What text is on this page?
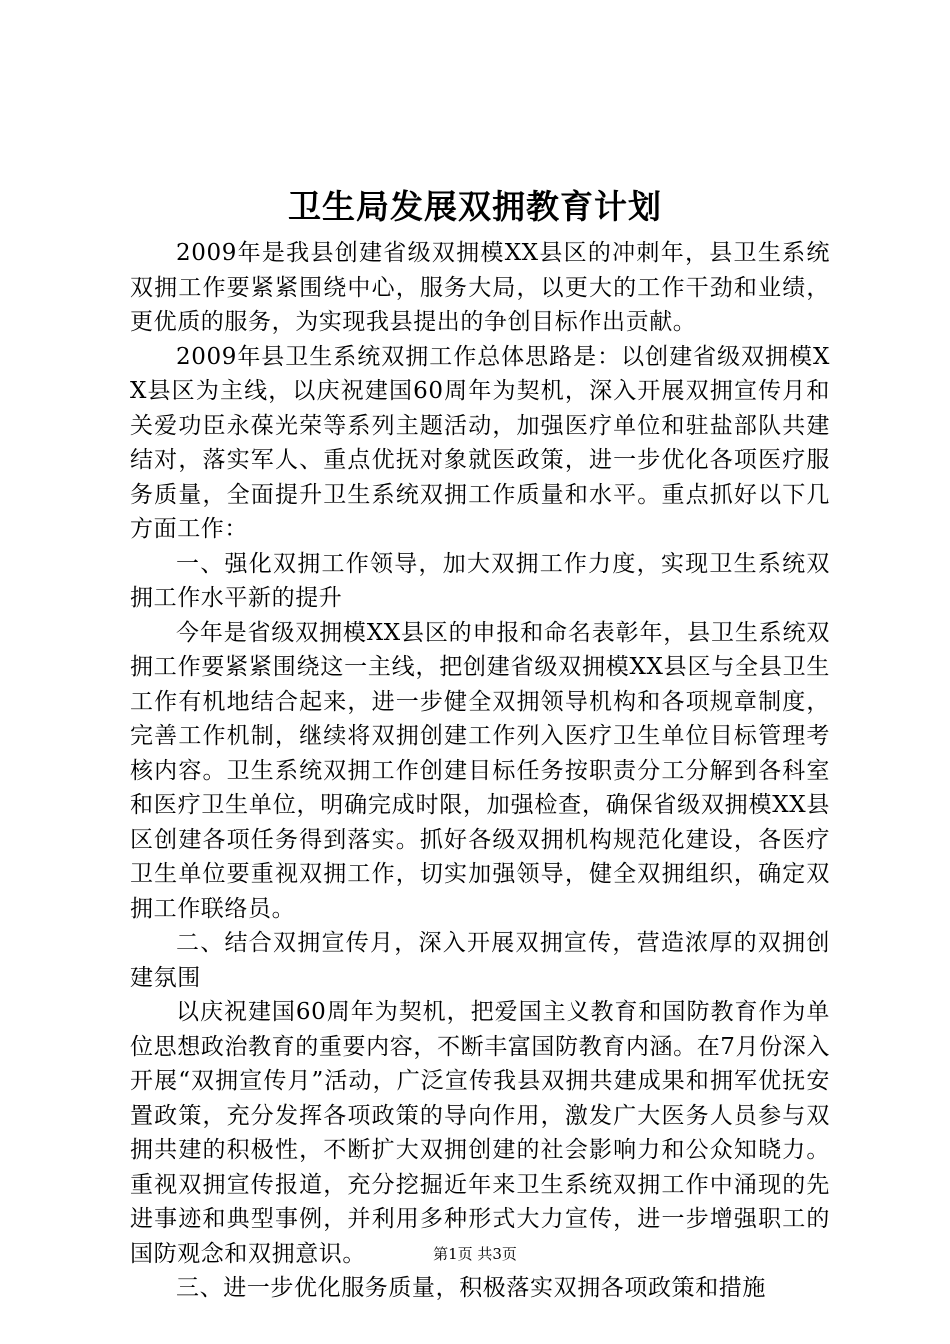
卫生局发展双拥教育计划

2009年是我县创建省级双拥模XX县区的冲刺年，县卫生系统双拥工作要紧紧围绕中心，服务大局，以更大的工作干劲和业绩，更优质的服务，为实现我县提出的争创目标作出贡献。

2009年县卫生系统双拥工作总体思路是：以创建省级双拥模XX县区为主线，以庆祝建国60周年为契机，深入开展双拥宣传月和关爱功臣永葆光荣等系列主题活动，加强医疗单位和驻盐部队共建结对，落实军人、重点优抚对象就医政策，进一步优化各项医疗服务质量，全面提升卫生系统双拥工作质量和水平。重点抓好以下几方面工作：

一、强化双拥工作领导，加大双拥工作力度，实现卫生系统双拥工作水平新的提升

今年是省级双拥模XX县区的申报和命名表彰年，县卫生系统双拥工作要紧紧围绕这一主线，把创建省级双拥模XX县区与全县卫生工作有机地结合起来，进一步健全双拥领导机构和各项规章制度，完善工作机制，继续将双拥创建工作列入医疗卫生单位目标管理考核内容。卫生系统双拥工作创建目标任务按职责分工分解到各科室和医疗卫生单位，明确完成时限，加强检查，确保省级双拥模XX县区创建各项任务得到落实。抓好各级双拥机构规范化建设，各医疗卫生单位要重视双拥工作，切实加强领导，健全双拥组织，确定双拥工作联络员。

二、结合双拥宣传月，深入开展双拥宣传，营造浓厚的双拥创建氛围

以庆祝建国60周年为契机，把爱国主义教育和国防教育作为单位思想政治教育的重要内容，不断丰富国防教育内涵。在7月份深入开展“双拥宣传月”活动，广泛宣传我县双拥共建成果和拥军优抚安置政策，充分发挥各项政策的导向作用，激发广大医务人员参与双拥共建的积极性，不断扩大双拥创建的社会影响力和公众知晓力。重视双拥宣传报道，充分挖掘近年来卫生系统双拥工作中涌现的先进事迹和典型事例，并利用多种形式大力宣传，进一步增强职工的国防观念和双拥意识。

三、进一步优化服务质量，积极落实双拥各项政策和措施

第1页 共3页
